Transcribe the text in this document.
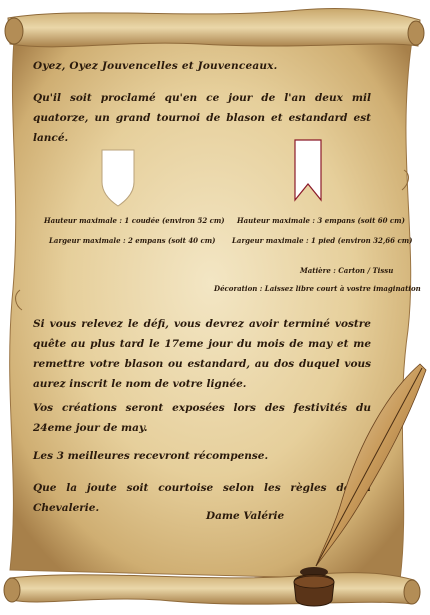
Oyez, Oyez Jouvencelles et Jouvenceaux.

Qu'il soit proclamé qu'en ce jour de l'an deux mil quatorze, un grand tournoi de blason et estandard est lancé.

Hauteur maximale : 1 coudée (environ 52 cm)
Largeur maximale : 2 empans (soit 40 cm)
Hauteur maximale : 3 empans (soit 60 cm)
Largeur maximale : 1 pied (environ 32,66 cm)
Matière : Carton / Tissu
Décoration : Laissez libre court à vostre imagination

Si vous relevez le défi, vous devrez avoir terminé vostre quête au plus tard le 17eme jour du mois de may et me remettre votre blason ou estandard, au dos duquel vous aurez inscrit le nom de votre lignée.

Vos créations seront exposées lors des festivités du 24eme jour de may.

Les 3 meilleures recevront récompense.

Que la joute soit courtoise selon les règles de la Chevalerie.

Dame Valérie
